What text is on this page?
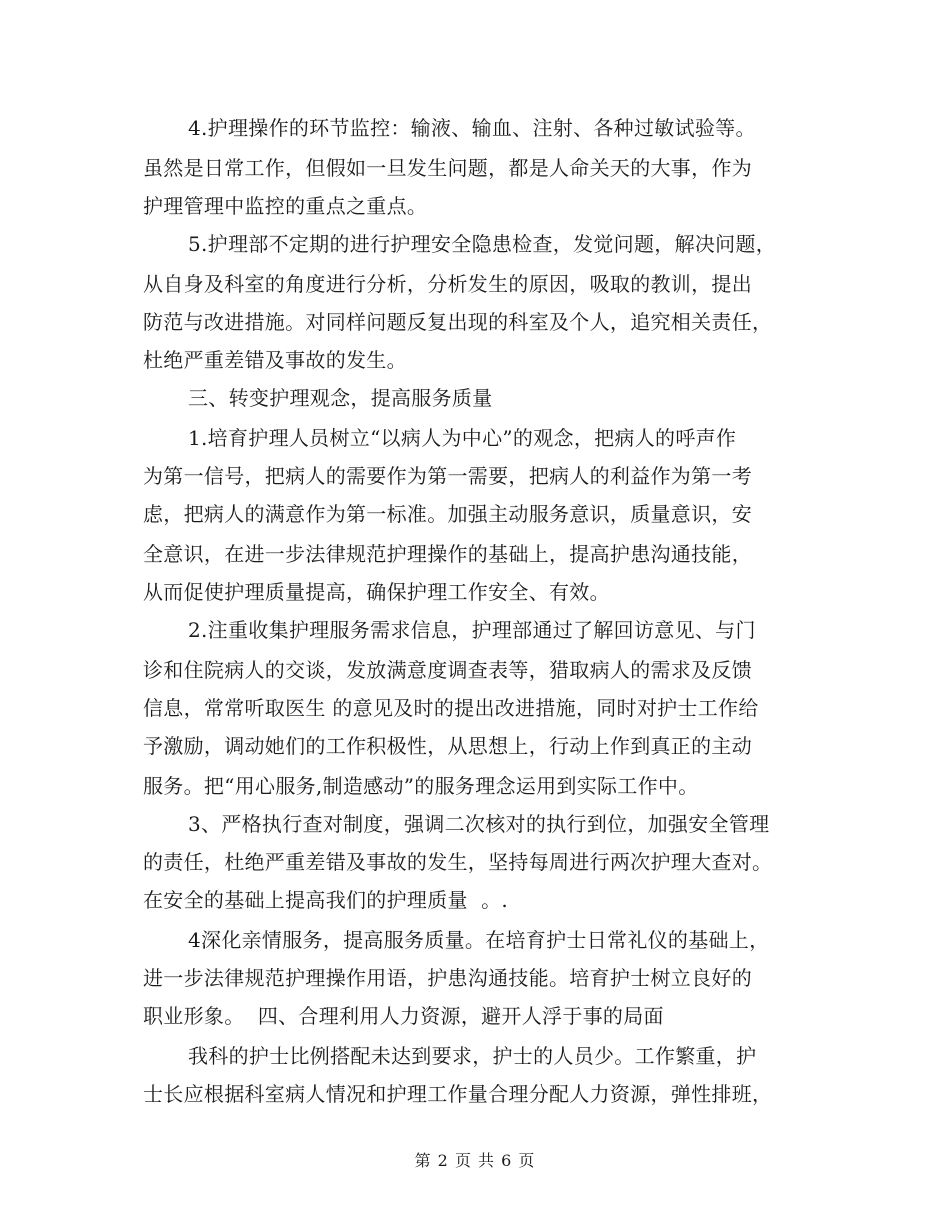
4.护理操作的环节监控：输液、输血、注射、各种过敏试验等。
虽然是日常工作，但假如一旦发生问题，都是人命关天的大事，作为
护理管理中监控的重点之重点。
5.护理部不定期的进行护理安全隐患检查，发觉问题，解决问题，
从自身及科室的角度进行分析，分析发生的原因，吸取的教训，提出
防范与改进措施。对同样问题反复出现的科室及个人，追究相关责任，
杜绝严重差错及事故的发生。
三、转变护理观念，提高服务质量
1.培育护理人员树立“以病人为中心”的观念，把病人的呼声作
为第一信号，把病人的需要作为第一需要，把病人的利益作为第一考
虑，把病人的满意作为第一标准。加强主动服务意识，质量意识，安
全意识，在进一步法律规范护理操作的基础上，提高护患沟通技能，
从而促使护理质量提高，确保护理工作安全、有效。
2.注重收集护理服务需求信息，护理部通过了解回访意见、与门
诊和住院病人的交谈，发放满意度调查表等，猎取病人的需求及反馈
信息，常常听取医生 的意见及时的提出改进措施，同时对护士工作给
予激励，调动她们的工作积极性，从思想上，行动上作到真正的主动
服务。把“用心服务,制造感动”的服务理念运用到实际工作中。
3、严格执行查对制度，强调二次核对的执行到位，加强安全管理
的责任，杜绝严重差错及事故的发生，坚持每周进行两次护理大查对。
在安全的基础上提高我们的护理质量  。.
4深化亲情服务，提高服务质量。在培育护士日常礼仪的基础上，
进一步法律规范护理操作用语，护患沟通技能。培育护士树立良好的
职业形象。  四、合理利用人力资源，避开人浮于事的局面
我科的护士比例搭配未达到要求，护士的人员少。工作繁重，护
士长应根据科室病人情况和护理工作量合理分配人力资源，弹性排班，
第 2 页 共 6 页
